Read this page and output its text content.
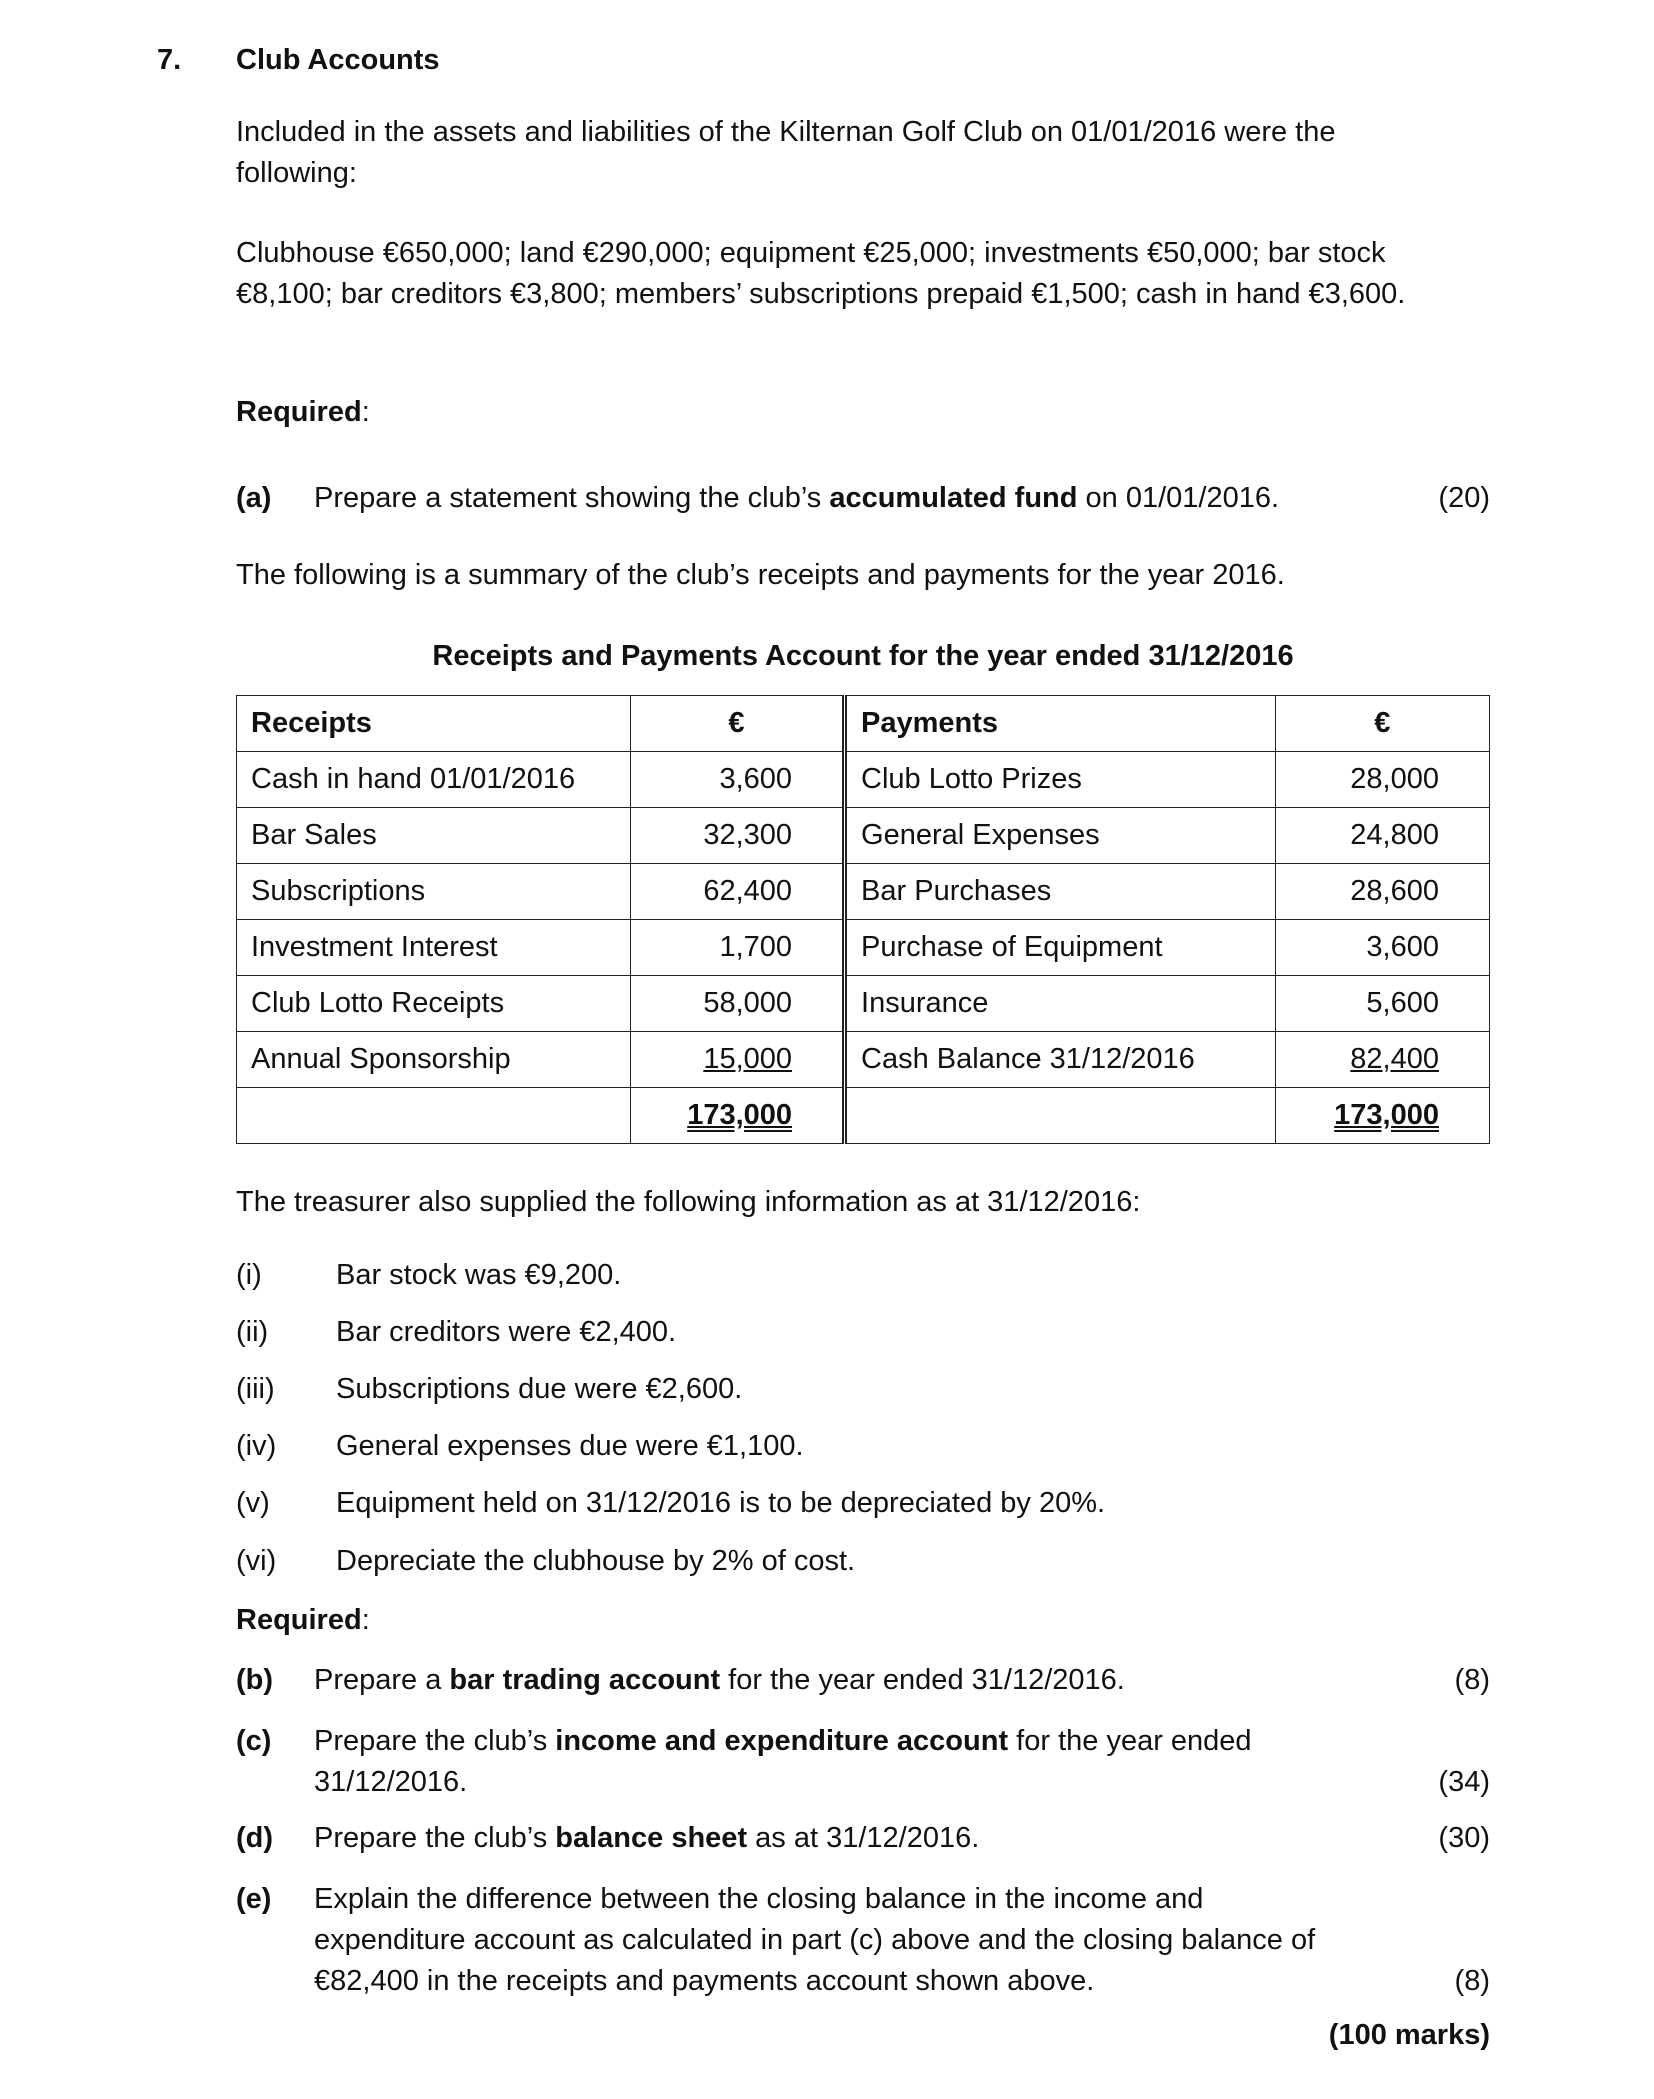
7. Club Accounts
Included in the assets and liabilities of the Kilternan Golf Club on 01/01/2016 were the following:
Clubhouse €650,000; land €290,000; equipment €25,000; investments €50,000; bar stock €8,100; bar creditors €3,800; members’ subscriptions prepaid €1,500; cash in hand €3,600.
Required:
(a) Prepare a statement showing the club’s accumulated fund on 01/01/2016.	(20)
The following is a summary of the club’s receipts and payments for the year 2016.
Receipts and Payments Account for the year ended 31/12/2016
Receipts	€	Payments	€
Cash in hand 01/01/2016	3,600	Club Lotto Prizes	28,000
Bar Sales	32,300	General Expenses	24,800
Subscriptions	62,400	Bar Purchases	28,600
Investment Interest	1,700	Purchase of Equipment	3,600
Club Lotto Receipts	58,000	Insurance	5,600
Annual Sponsorship	15,000	Cash Balance 31/12/2016	82,400
	173,000		173,000
The treasurer also supplied the following information as at 31/12/2016:
(i)	Bar stock was €9,200.
(ii) Bar creditors were €2,400.
(iii) Subscriptions due were €2,600.
(iv) General expenses due were €1,100.
(v) Equipment held on 31/12/2016 is to be depreciated by 20%.
(vi) Depreciate the clubhouse by 2% of cost.
Required:
(b) Prepare a bar trading account for the year ended 31/12/2016.	(8)
(c) Prepare the club’s income and expenditure account for the year ended 31/12/2016.	(34)
(d) Prepare the club’s balance sheet as at 31/12/2016.	(30)
(e) Explain the difference between the closing balance in the income and expenditure account as calculated in part (c) above and the closing balance of €82,400 in the receipts and payments account shown above.	(8)
(100 marks)
